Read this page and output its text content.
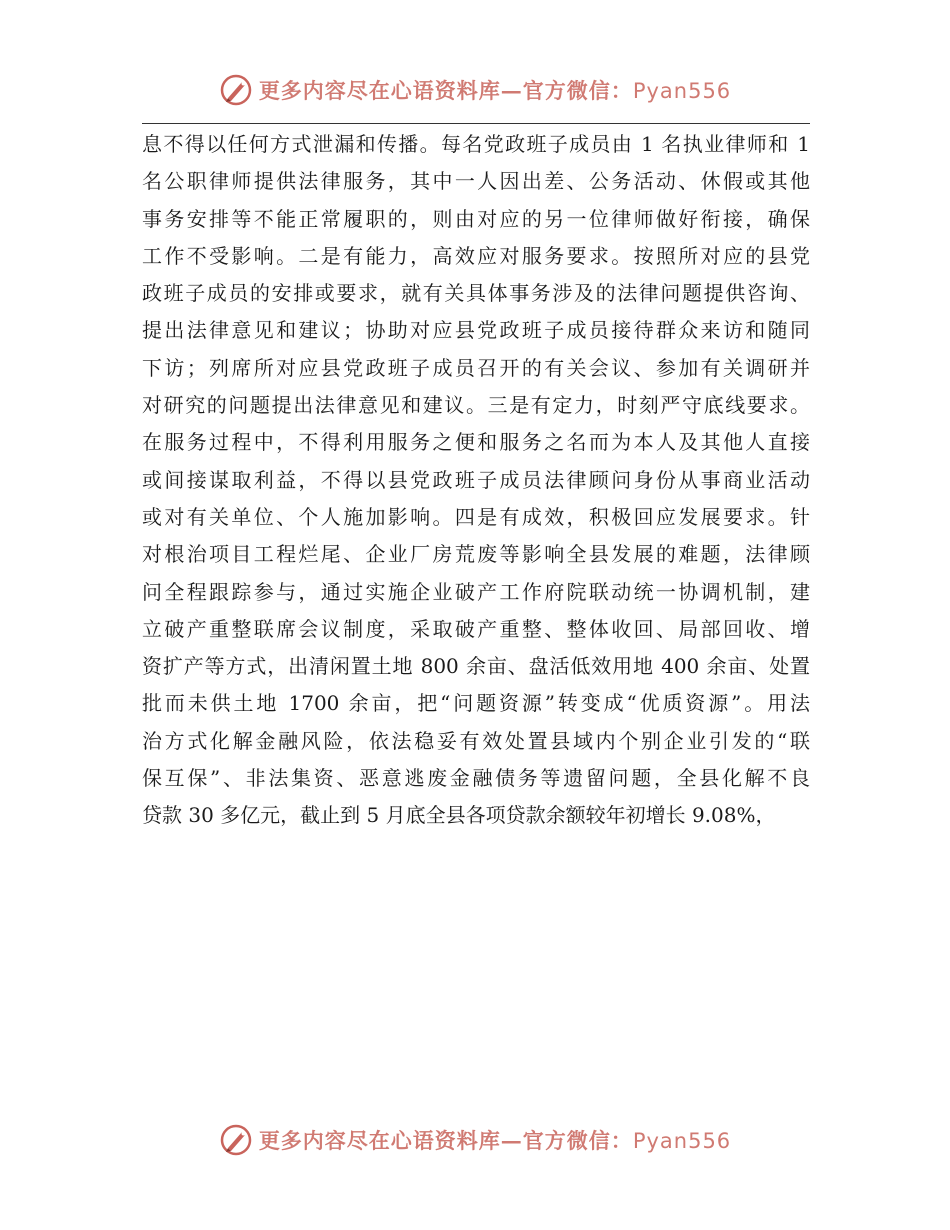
更多内容尽在心语资料库—官方微信：Pyan556
息不得以任何方式泄漏和传播。每名党政班子成员由 1 名执业律师和 1
名公职律师提供法律服务，其中一人因出差、公务活动、休假或其他
事务安排等不能正常履职的，则由对应的另一位律师做好衔接，确保
工作不受影响。二是有能力，高效应对服务要求。按照所对应的县党
政班子成员的安排或要求，就有关具体事务涉及的法律问题提供咨询、
提出法律意见和建议；协助对应县党政班子成员接待群众来访和随同
下访；列席所对应县党政班子成员召开的有关会议、参加有关调研并
对研究的问题提出法律意见和建议。三是有定力，时刻严守底线要求。
在服务过程中，不得利用服务之便和服务之名而为本人及其他人直接
或间接谋取利益，不得以县党政班子成员法律顾问身份从事商业活动
或对有关单位、个人施加影响。四是有成效，积极回应发展要求。针
对根治项目工程烂尾、企业厂房荒废等影响全县发展的难题，法律顾
问全程跟踪参与，通过实施企业破产工作府院联动统一协调机制，建
立破产重整联席会议制度，采取破产重整、整体收回、局部回收、增
资扩产等方式，出清闲置土地 800 余亩、盘活低效用地 400 余亩、处置
批而未供土地 1700 余亩，把“问题资源”转变成“优质资源”。用法
治方式化解金融风险，依法稳妥有效处置县域内个别企业引发的“联
保互保”、非法集资、恶意逃废金融债务等遗留问题，全县化解不良
贷款 30 多亿元，截止到 5 月底全县各项贷款余额较年初增长 9.08%，
更多内容尽在心语资料库—官方微信：Pyan556
